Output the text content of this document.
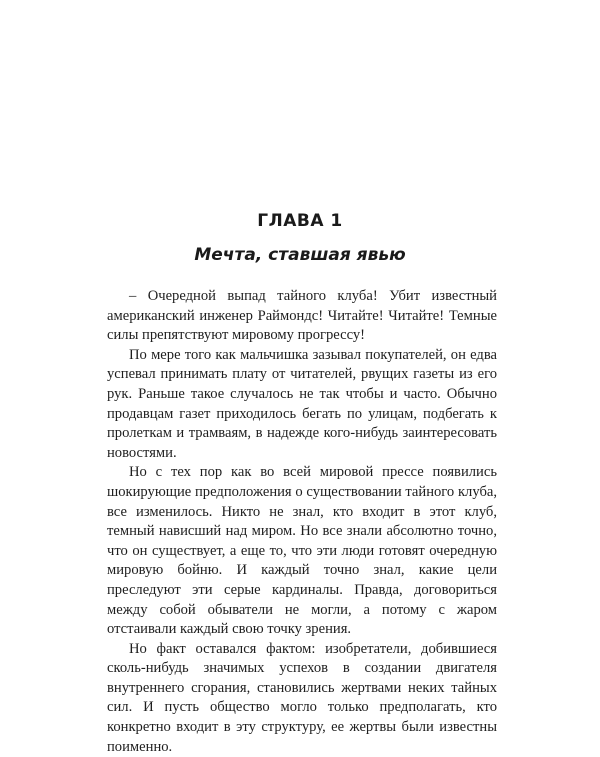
ГЛАВА 1
Мечта, ставшая явью

– Очередной выпад тайного клуба! Убит известный американский инженер Раймондс! Читайте! Читайте! Темные силы препятствуют мировому прогрессу!

По мере того как мальчишка зазывал покупателей, он едва успевал принимать плату от читателей, рвущих газеты из его рук. Раньше такое случалось не так чтобы и часто. Обычно продавцам газет приходилось бегать по улицам, подбегать к пролеткам и трамваям, в надежде кого-нибудь заинтересовать новостями.

Но с тех пор как во всей мировой прессе появились шокирующие предположения о существовании тайного клуба, все изменилось. Никто не знал, кто входит в этот клуб, темный нависший над миром. Но все знали абсолютно точно, что он существует, а еще то, что эти люди готовят очередную мировую бойню. И каждый точно знал, какие цели преследуют эти серые кардиналы. Правда, договориться между собой обыватели не могли, а потому с жаром отстаивали каждый свою точку зрения.

Но факт оставался фактом: изобретатели, добившиеся сколь-нибудь значимых успехов в создании двигателя внутреннего сгорания, становились жертвами неких тайных сил. И пусть общество могло только предполагать, кто конкретно входит в эту структуру, ее жертвы были известны поименно.
